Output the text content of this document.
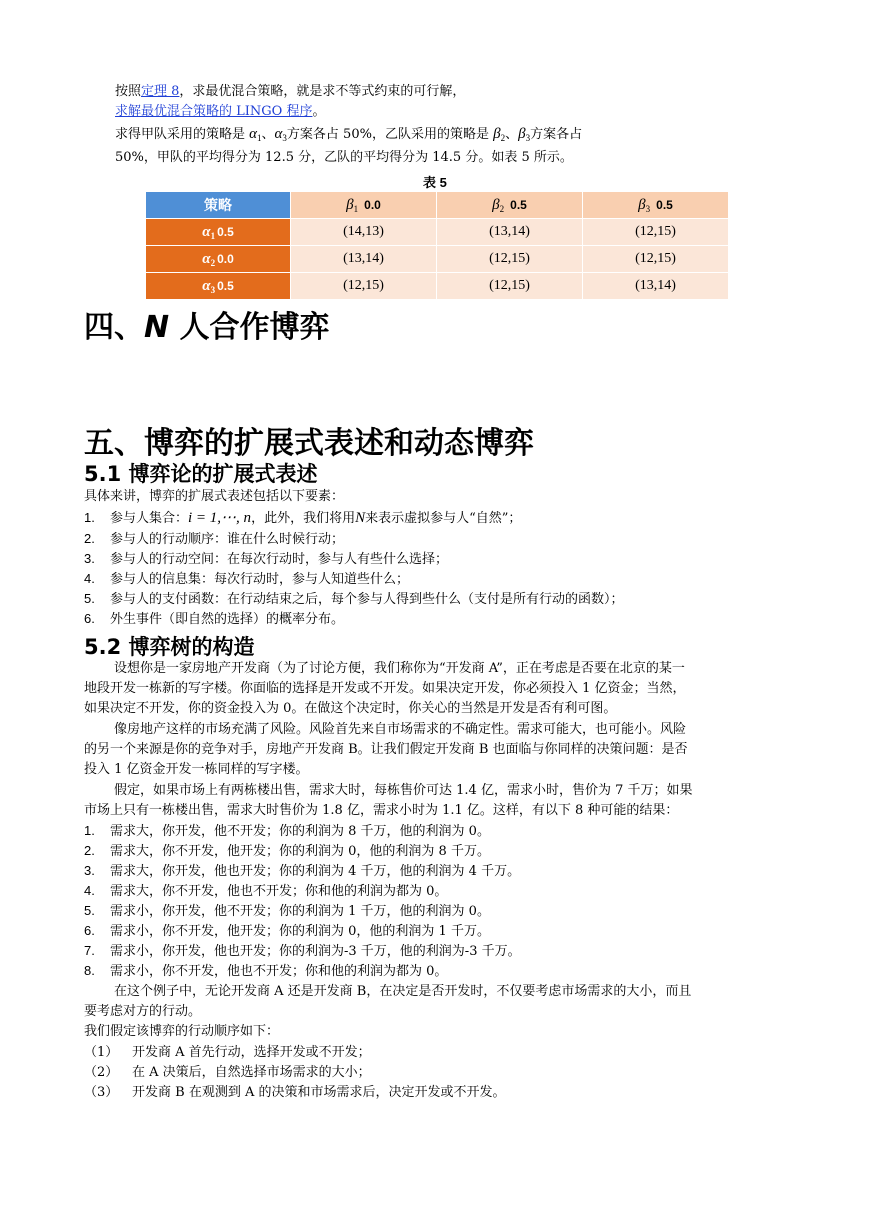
按照定理 8，求最优混合策略，就是求不等式约束的可行解，
求解最优混合策略的 LINGO 程序。
求得甲队采用的策略是 $\alpha_1$、$\alpha_3$方案各占 50%，乙队采用的策略是 $\beta_2$、$\beta_3$方案各占
50%，甲队的平均得分为 12.5 分，乙队的平均得分为 14.5 分。如表 5 所示。
表 5
策略	$\beta_1$ 0.0	$\beta_2$ 0.5	$\beta_3$ 0.5
$\alpha_1$ 0.5	(14,13)	(13,14)	(12,15)
$\alpha_2$ 0.0	(13,14)	(12,15)	(12,15)
$\alpha_3$ 0.5	(12,15)	(12,15)	(13,14)
四、N 人合作博弈
五、博弈的扩展式表述和动态博弈
5.1 博弈论的扩展式表述
具体来讲，博弈的扩展式表述包括以下要素：
1. 参与人集合：i = 1,⋯, n，此外，我们将用N来表示虚拟参与人“自然”；
2. 参与人的行动顺序：谁在什么时候行动；
3. 参与人的行动空间：在每次行动时，参与人有些什么选择；
4. 参与人的信息集：每次行动时，参与人知道些什么；
5. 参与人的支付函数：在行动结束之后，每个参与人得到些什么（支付是所有行动的函数）；
6. 外生事件（即自然的选择）的概率分布。
5.2 博弈树的构造
设想你是一家房地产开发商（为了讨论方便，我们称你为“开发商 A”，正在考虑是否要在北京的某一
地段开发一栋新的写字楼。你面临的选择是开发或不开发。如果决定开发，你必须投入 1 亿资金；当然，
如果决定不开发，你的资金投入为 0。在做这个决定时，你关心的当然是开发是否有利可图。
像房地产这样的市场充满了风险。风险首先来自市场需求的不确定性。需求可能大，也可能小。风险
的另一个来源是你的竞争对手，房地产开发商 B。让我们假定开发商 B 也面临与你同样的决策问题：是否
投入 1 亿资金开发一栋同样的写字楼。
假定，如果市场上有两栋楼出售，需求大时，每栋售价可达 1.4 亿，需求小时，售价为 7 千万；如果
市场上只有一栋楼出售，需求大时售价为 1.8 亿，需求小时为 1.1 亿。这样，有以下 8 种可能的结果：
1. 需求大，你开发，他不开发；你的利润为 8 千万，他的利润为 0。
2. 需求大，你不开发，他开发；你的利润为 0，他的利润为 8 千万。
3. 需求大，你开发，他也开发；你的利润为 4 千万，他的利润为 4 千万。
4. 需求大，你不开发，他也不开发；你和他的利润为都为 0。
5. 需求小，你开发，他不开发；你的利润为 1 千万，他的利润为 0。
6. 需求小，你不开发，他开发；你的利润为 0，他的利润为 1 千万。
7. 需求小，你开发，他也开发；你的利润为-3 千万，他的利润为-3 千万。
8. 需求小，你不开发，他也不开发；你和他的利润为都为 0。
在这个例子中，无论开发商 A 还是开发商 B，在决定是否开发时，不仅要考虑市场需求的大小，而且
要考虑对方的行动。
我们假定该博弈的行动顺序如下：
（1） 开发商 A 首先行动，选择开发或不开发；
（2） 在 A 决策后，自然选择市场需求的大小；
（3） 开发商 B 在观测到 A 的决策和市场需求后，决定开发或不开发。
